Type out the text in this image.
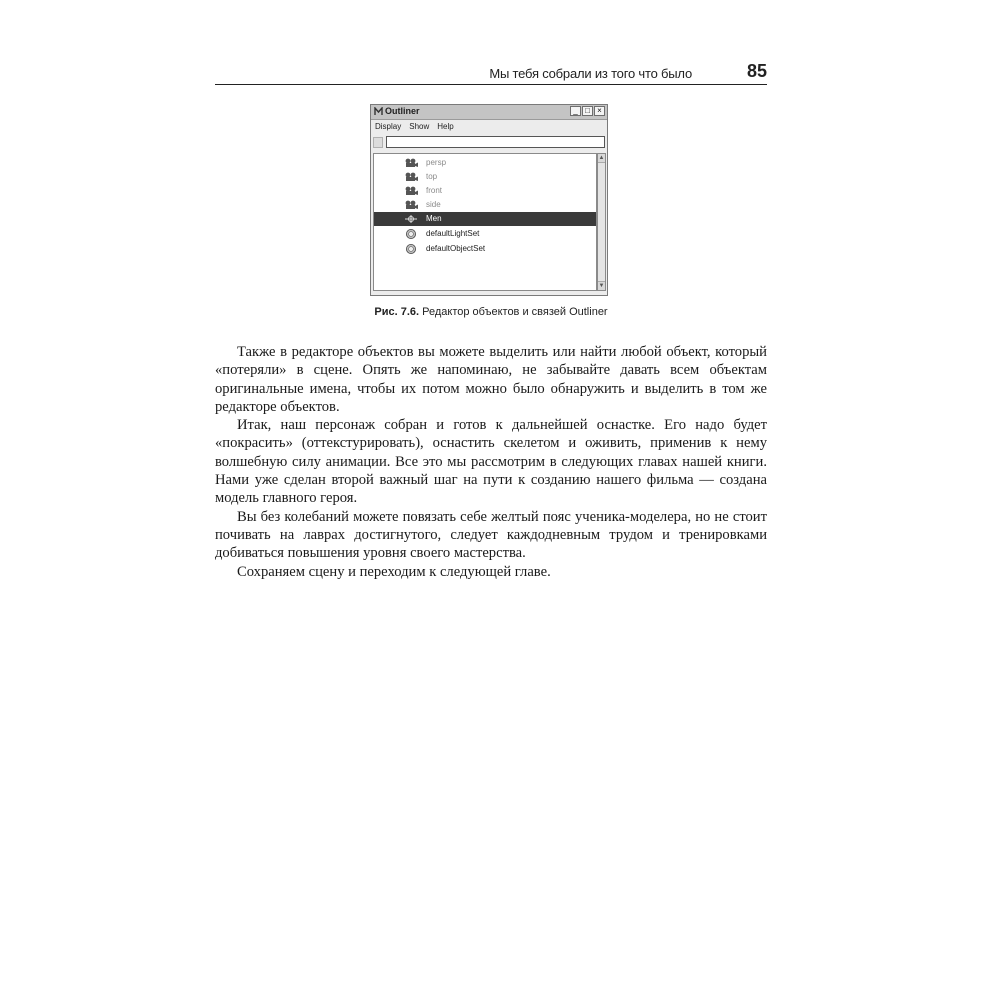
Мы тебя собрали из того что было	85
Outliner	_ □ ×
Display Show Help
persp
top
front
side
Men
defaultLightSet
defaultObjectSet
▲
▼
Рис. 7.6. Редактор объектов и связей Outliner

Также в редакторе объектов вы можете выделить или найти любой объект, который «потеряли» в сцене. Опять же напоминаю, не забывайте давать всем объектам оригинальные имена, чтобы их потом можно было обнаружить и выделить в том же редакторе объектов.

Итак, наш персонаж собран и готов к дальнейшей оснастке. Его надо будет «покрасить» (оттекстурировать), оснастить скелетом и оживить, применив к нему волшебную силу анимации. Все это мы рассмотрим в следующих главах нашей книги. Нами уже сделан второй важный шаг на пути к созданию нашего фильма — создана модель главного героя.

Вы без колебаний можете повязать себе желтый пояс ученика-моделера, но не стоит почивать на лаврах достигнутого, следует каждодневным трудом и тренировками добиваться повышения уровня своего мастерства.

Сохраняем сцену и переходим к следующей главе.
